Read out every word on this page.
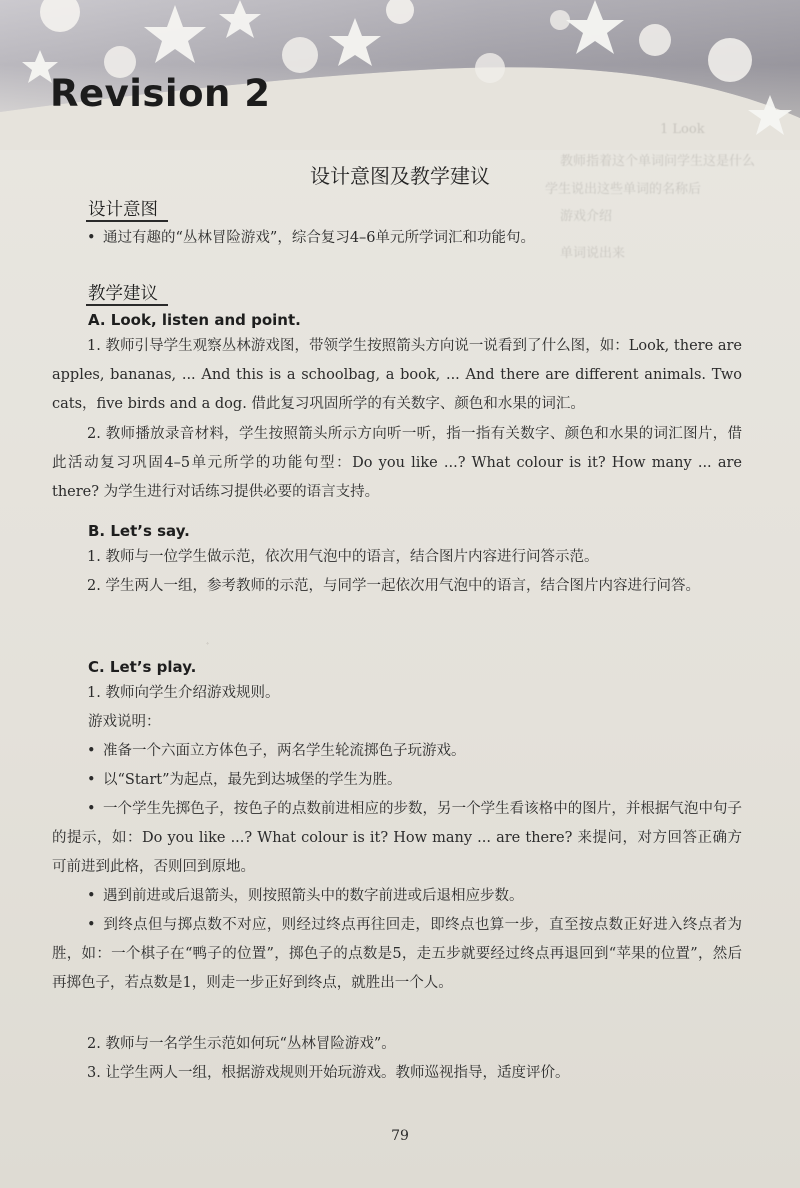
Revision 2
1 Look
教师指着这个单词问学生这是什么
学生说出这些单词的名称后
游戏介绍
单词说出来
设计意图及教学建议
设计意图

• 通过有趣的“丛林冒险游戏”，综合复习4–6单元所学词汇和功能句。

教学建议
A. Look, listen and point.

1. 教师引导学生观察丛林游戏图，带领学生按照箭头方向说一说看到了什么图，如：Look, there are apples, bananas, ... And this is a schoolbag, a book, ... And there are different animals. Two cats，five birds and a dog. 借此复习巩固所学的有关数字、颜色和水果的词汇。

2. 教师播放录音材料，学生按照箭头所示方向听一听，指一指有关数字、颜色和水果的词汇图片，借此活动复习巩固4–5单元所学的功能句型：Do you like ...? What colour is it? How many ... are there? 为学生进行对话练习提供必要的语言支持。

B. Let’s say.

1. 教师与一位学生做示范，依次用气泡中的语言，结合图片内容进行问答示范。

2. 学生两人一组，参考教师的示范，与同学一起依次用气泡中的语言，结合图片内容进行问答。

ﾞ
C. Let’s play.

1. 教师向学生介绍游戏规则。

游戏说明：

• 准备一个六面立方体色子，两名学生轮流掷色子玩游戏。

• 以“Start”为起点，最先到达城堡的学生为胜。

• 一个学生先掷色子，按色子的点数前进相应的步数，另一个学生看该格中的图片，并根据气泡中句子的提示，如：Do you like ...? What colour is it? How many ... are there? 来提问，对方回答正确方可前进到此格，否则回到原地。

• 遇到前进或后退箭头，则按照箭头中的数字前进或后退相应步数。

• 到终点但与掷点数不对应，则经过终点再往回走，即终点也算一步，直至按点数正好进入终点者为胜，如：一个棋子在“鸭子的位置”，掷色子的点数是5，走五步就要经过终点再退回到“苹果的位置”，然后再掷色子，若点数是1，则走一步正好到终点，就胜出一个人。

2. 教师与一名学生示范如何玩“丛林冒险游戏”。

3. 让学生两人一组，根据游戏规则开始玩游戏。教师巡视指导，适度评价。

79
